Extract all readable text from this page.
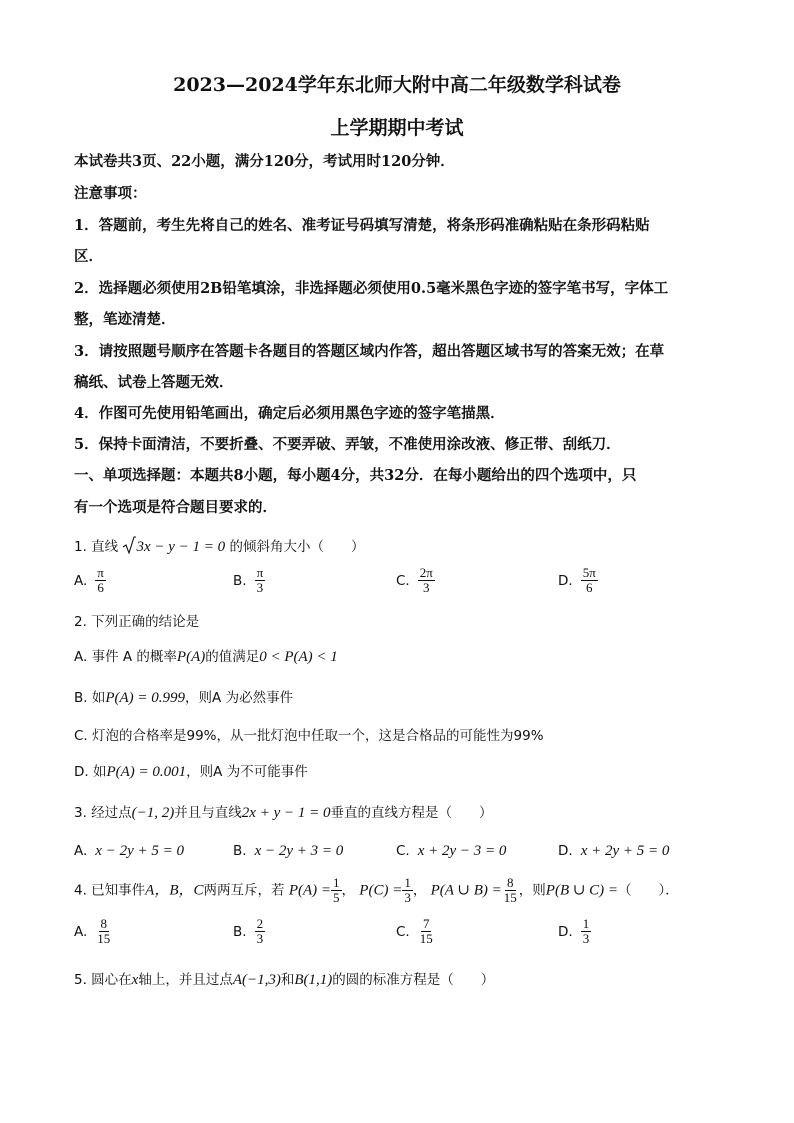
2023—2024学年东北师大附中高二年级数学科试卷
上学期期中考试
本试卷共3页、22小题，满分120分，考试用时120分钟．
注意事项：
1．答题前，考生先将自己的姓名、准考证号码填写清楚，将条形码准确粘贴在条形码粘贴
区．
2．选择题必须使用2B铅笔填涂，非选择题必须使用0.5毫米黑色字迹的签字笔书写，字体工
整，笔迹清楚．
3．请按照题号顺序在答题卡各题目的答题区域内作答，超出答题区域书写的答案无效；在草
稿纸、试卷上答题无效．
4．作图可先使用铅笔画出，确定后必须用黑色字迹的签字笔描黑．
5．保持卡面清洁，不要折叠、不要弄破、弄皱，不准使用涂改液、修正带、刮纸刀．
一、单项选择题：本题共8小题，每小题4分，共32分．在每小题给出的四个选项中，只
有一个选项是符合题目要求的．
1. 直线 3x − y − 1 = 0 的倾斜角大小（　　）
A. $\frac{\pi}{6}$	B. $\frac{\pi}{3}$	C. $\frac{2\pi}{3}$	D. $\frac{5\pi}{6}$
2. 下列正确的结论是
A. 事件 A 的概率P(A)的值满足0 < P(A) < 1
B. 如P(A) = 0.999，则A 为必然事件
C. 灯泡的合格率是99%，从一批灯泡中任取一个，这是合格品的可能性为99%
D. 如P(A) = 0.001，则A 为不可能事件
3. 经过点(−1, 2)并且与直线2x + y − 1 = 0垂直的直线方程是（　　）
A. x − 2y + 5 = 0	B. x − 2y + 3 = 0	C. x + 2y − 3 = 0	D. x + 2y + 5 = 0
4. 已知事件A，B，C两两互斥，若 $P(A) = \frac{1}{5}$ ， $P(C) = \frac{1}{3}$ ， P(A ∪ $B) = \frac{8}{15}$ ，则P(B ∪ C) =（　　）．
A. $\frac{8}{15}$	B. $\frac{2}{3}$	C. $\frac{7}{15}$	D. $\frac{1}{3}$
5. 圆心在x轴上，并且过点A(−1,3)和B(1,1)的圆的标准方程是（　　）
